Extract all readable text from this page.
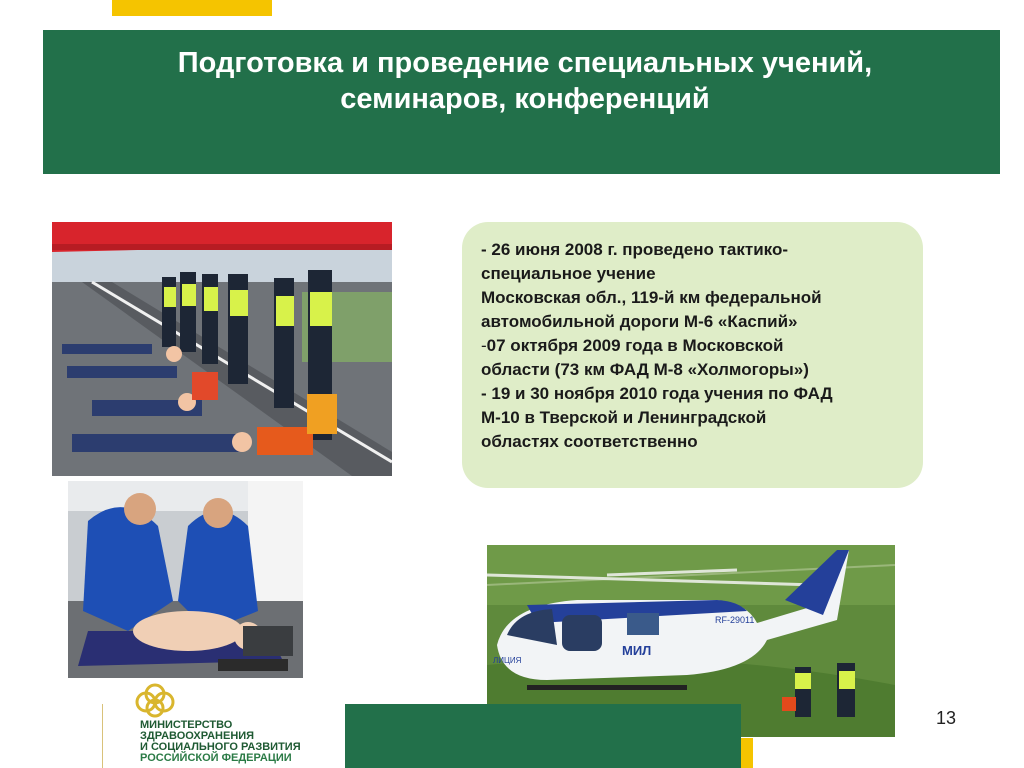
Подготовка и проведение специальных учений,
семинаров, конференций
МИЛ
RF-29011
ЛИЦИЯ
- 26 июня 2008 г. проведено тактико-
специальное учение
Московская обл., 119-й км федеральной
автомобильной дороги М-6 «Каспий»
-07 октября 2009 года в Московской
области (73 км ФАД М-8 «Холмогоры»)
- 19 и 30 ноября 2010 года учения по ФАД
М-10 в Тверской и Ленинградской
областях соответственно
МИНИСТЕРСТВО
ЗДРАВООХРАНЕНИЯ
И СОЦИАЛЬНОГО РАЗВИТИЯ
РОССИЙСКОЙ ФЕДЕРАЦИИ
13
